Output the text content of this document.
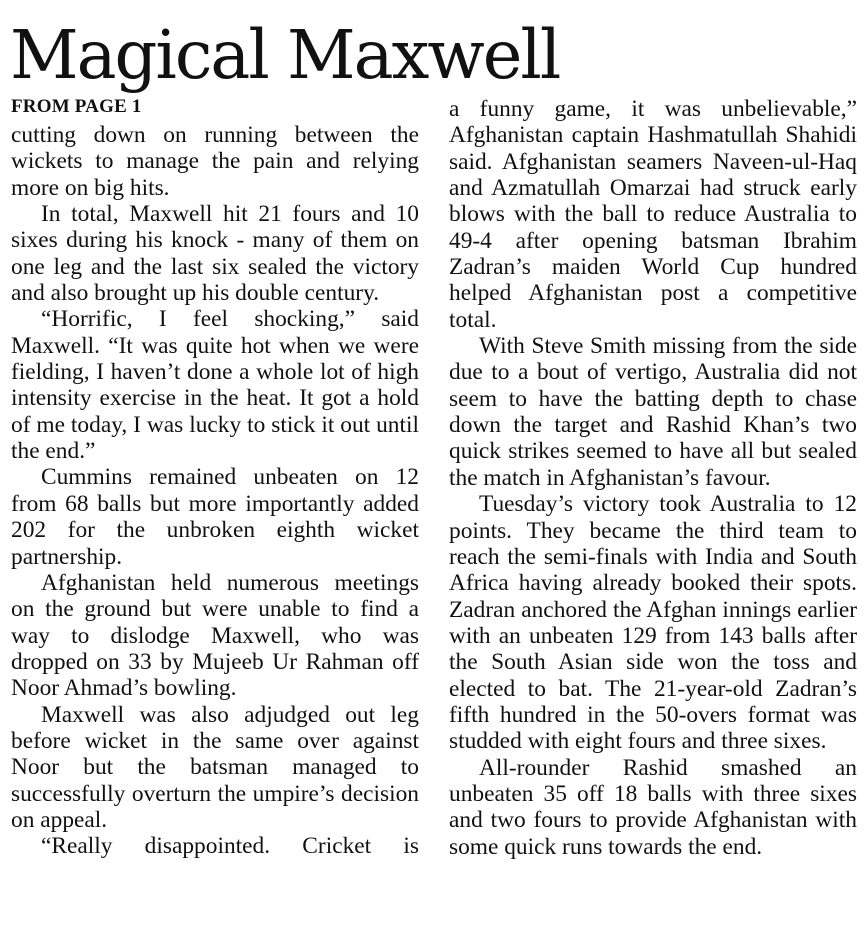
Magical Maxwell
FROM PAGE 1

cutting down on running between the wickets to manage the pain and relying more on big hits.

In total, Maxwell hit 21 fours and 10 sixes during his knock - many of them on one leg and the last six sealed the victory and also brought up his double century.

“Horrific, I feel shocking,” said Maxwell. “It was quite hot when we were fielding, I haven’t done a whole lot of high intensity exercise in the heat. It got a hold of me today, I was lucky to stick it out until the end.”

Cummins remained unbeaten on 12 from 68 balls but more importantly added 202 for the unbroken eighth wicket partnership.

Afghanistan held numerous meetings on the ground but were unable to find a way to dislodge Maxwell, who was dropped on 33 by Mujeeb Ur Rahman off Noor Ahmad’s bowling.

Maxwell was also adjudged out leg before wicket in the same over against Noor but the batsman managed to successfully overturn the umpire’s decision on appeal.

“Really disappointed. Cricket is

a funny game, it was unbelievable,” Afghanistan captain Hashmatullah Shahidi said. Afghanistan seamers Naveen-ul-Haq and Azmatullah Omarzai had struck early blows with the ball to reduce Australia to 49-4 after opening batsman Ibrahim Zadran’s maiden World Cup hundred helped Afghanistan post a competitive total.

With Steve Smith missing from the side due to a bout of vertigo, Australia did not seem to have the batting depth to chase down the target and Rashid Khan’s two quick strikes seemed to have all but sealed the match in Afghanistan’s favour.

Tuesday’s victory took Australia to 12 points. They became the third team to reach the semi-finals with India and South Africa having already booked their spots. Zadran anchored the Afghan innings earlier with an unbeaten 129 from 143 balls after the South Asian side won the toss and elected to bat. The 21-year-old Zadran’s fifth hundred in the 50-overs format was studded with eight fours and three sixes.

All-rounder Rashid smashed an unbeaten 35 off 18 balls with three sixes and two fours to provide Afghanistan with some quick runs towards the end.
